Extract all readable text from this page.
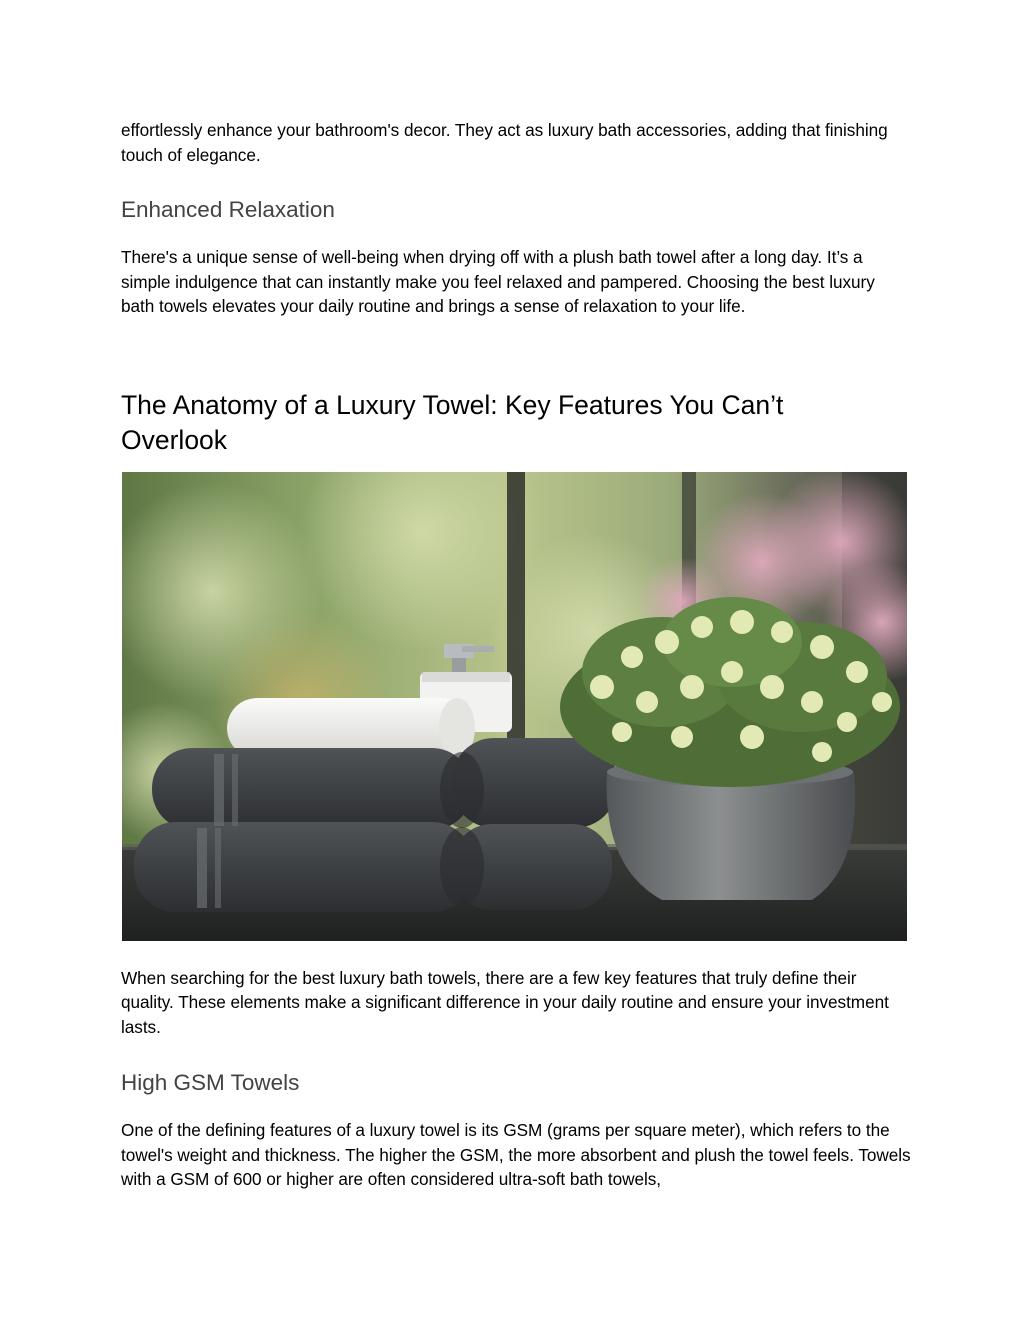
effortlessly enhance your bathroom's decor. They act as luxury bath accessories, adding that finishing touch of elegance.

Enhanced Relaxation

There's a unique sense of well-being when drying off with a plush bath towel after a long day. It’s a simple indulgence that can instantly make you feel relaxed and pampered. Choosing the best luxury bath towels elevates your daily routine and brings a sense of relaxation to your life.

The Anatomy of a Luxury Towel: Key Features You Can’t Overlook

When searching for the best luxury bath towels, there are a few key features that truly define their quality. These elements make a significant difference in your daily routine and ensure your investment lasts.

High GSM Towels

One of the defining features of a luxury towel is its GSM (grams per square meter), which refers to the towel's weight and thickness. The higher the GSM, the more absorbent and plush the towel feels. Towels with a GSM of 600 or higher are often considered ultra-soft bath towels,
